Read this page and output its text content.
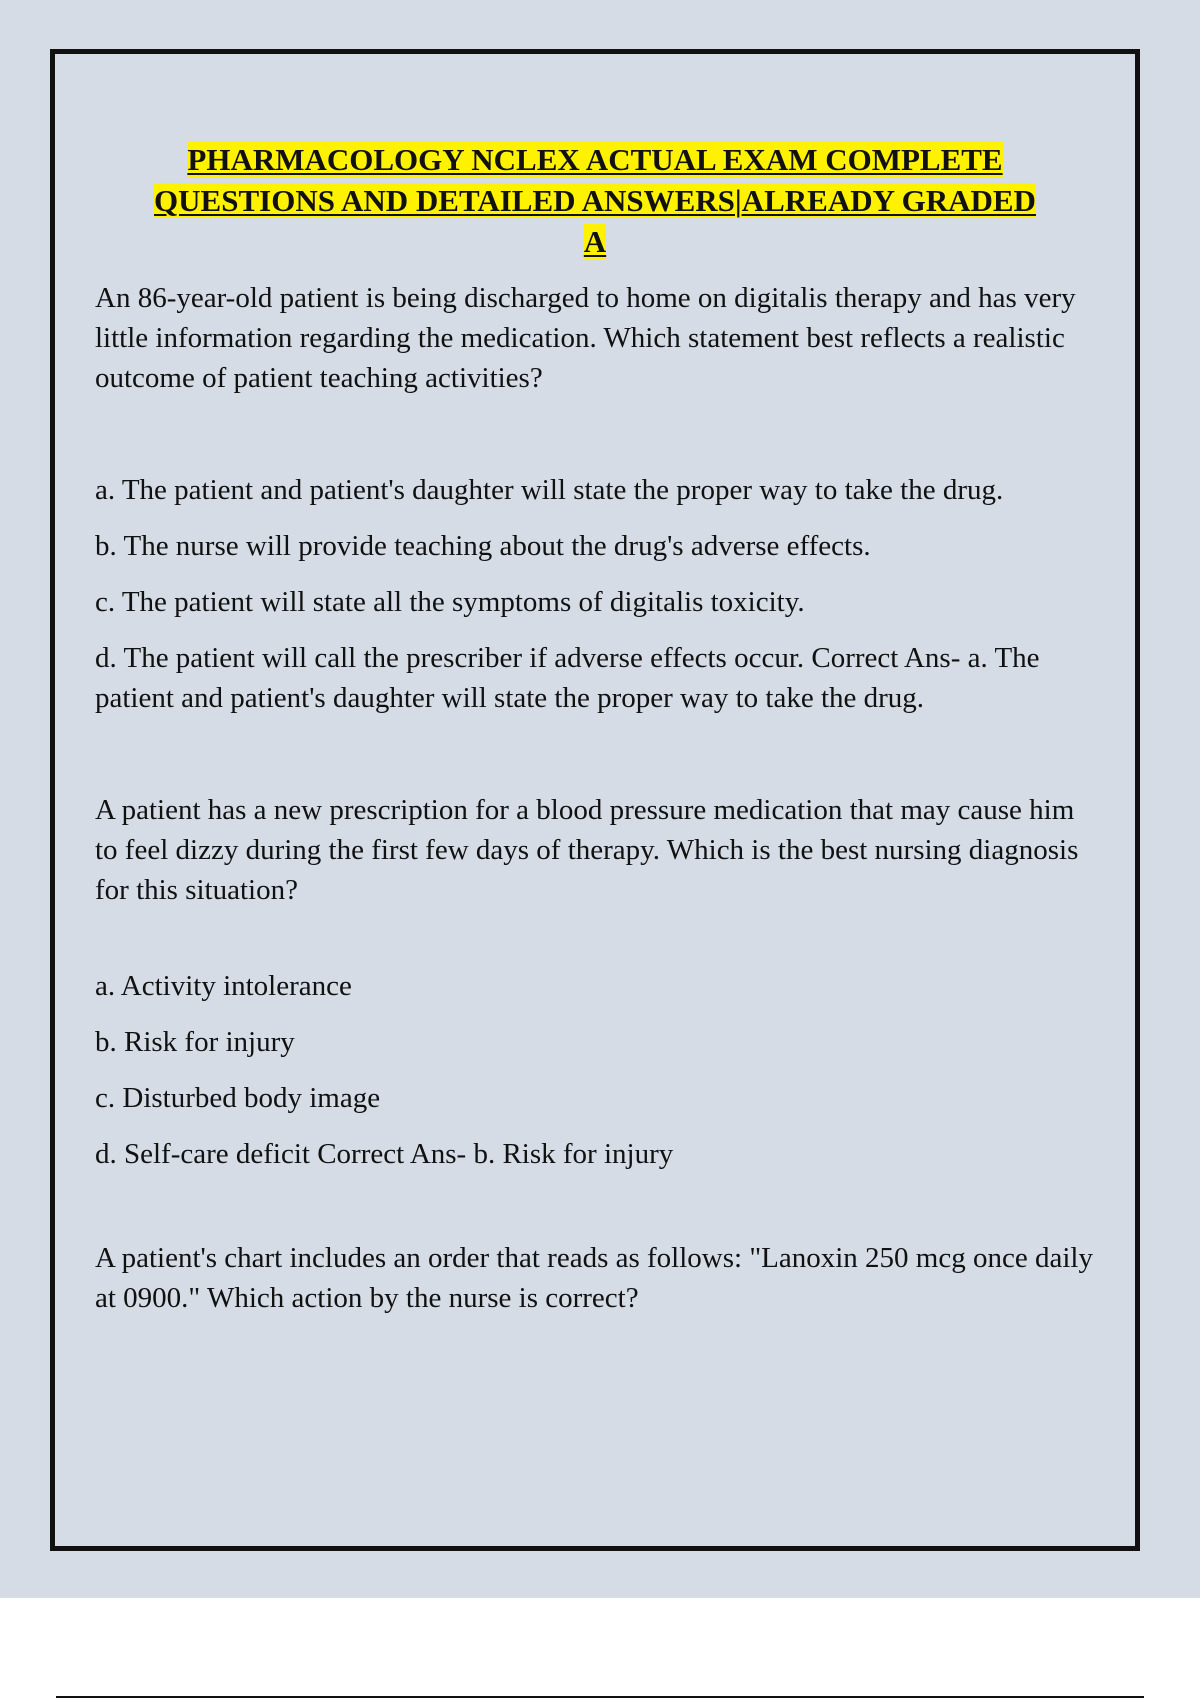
PHARMACOLOGY NCLEX ACTUAL EXAM COMPLETE
QUESTIONS AND DETAILED ANSWERS|ALREADY GRADED
A

An 86-year-old patient is being discharged to home on digitalis therapy and has very little information regarding the medication. Which statement best reflects a realistic outcome of patient teaching activities?

a. The patient and patient's daughter will state the proper way to take the drug.
b. The nurse will provide teaching about the drug's adverse effects.
c. The patient will state all the symptoms of digitalis toxicity.
d. The patient will call the prescriber if adverse effects occur. Correct Ans- a. The patient and patient's daughter will state the proper way to take the drug.

A patient has a new prescription for a blood pressure medication that may cause him to feel dizzy during the first few days of therapy. Which is the best nursing diagnosis for this situation?

a. Activity intolerance
b. Risk for injury
c. Disturbed body image
d. Self-care deficit Correct Ans- b. Risk for injury

A patient's chart includes an order that reads as follows: "Lanoxin 250 mcg once daily at 0900." Which action by the nurse is correct?
